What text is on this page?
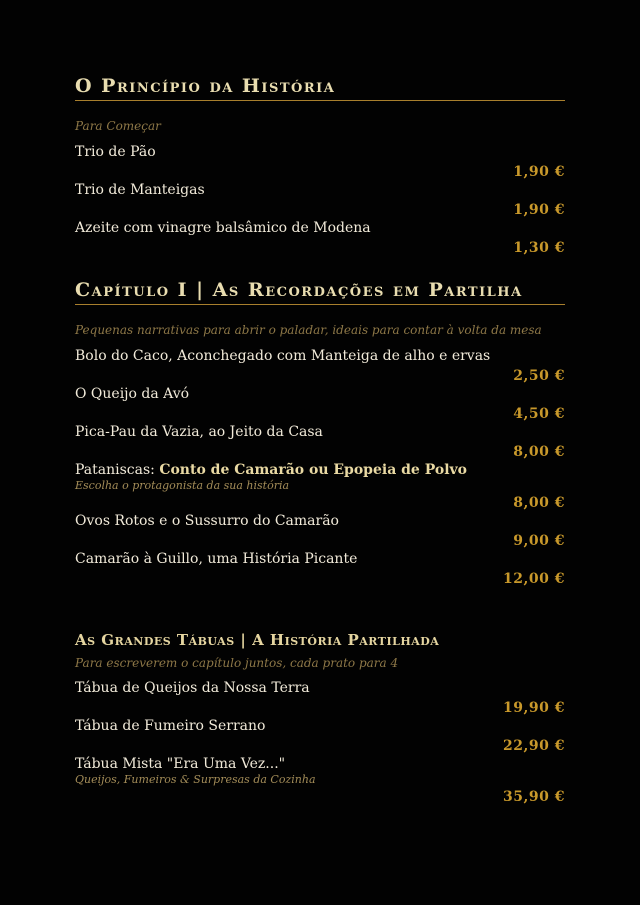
O Princípio da História
Para Começar
Trio de Pão
1,90 €
Trio de Manteigas
1,90 €
Azeite com vinagre balsâmico de Modena
1,30 €
Capítulo I | As Recordações em Partilha
Pequenas narrativas para abrir o paladar, ideais para contar à volta da mesa
Bolo do Caco, Aconchegado com Manteiga de alho e ervas
2,50 €
O Queijo da Avó
4,50 €
Pica-Pau da Vazia, ao Jeito da Casa
8,00 €
Pataniscas: Conto de Camarão ou Epopeia de Polvo
Escolha o protagonista da sua história
8,00 €
Ovos Rotos e o Sussurro do Camarão
9,00 €
Camarão à Guillo, uma História Picante
12,00 €
As Grandes Tábuas | A História Partilhada
Para escreverem o capítulo juntos, cada prato para 4
Tábua de Queijos da Nossa Terra
19,90 €
Tábua de Fumeiro Serrano
22,90 €
Tábua Mista "Era Uma Vez..."
Queijos, Fumeiros & Surpresas da Cozinha
35,90 €
